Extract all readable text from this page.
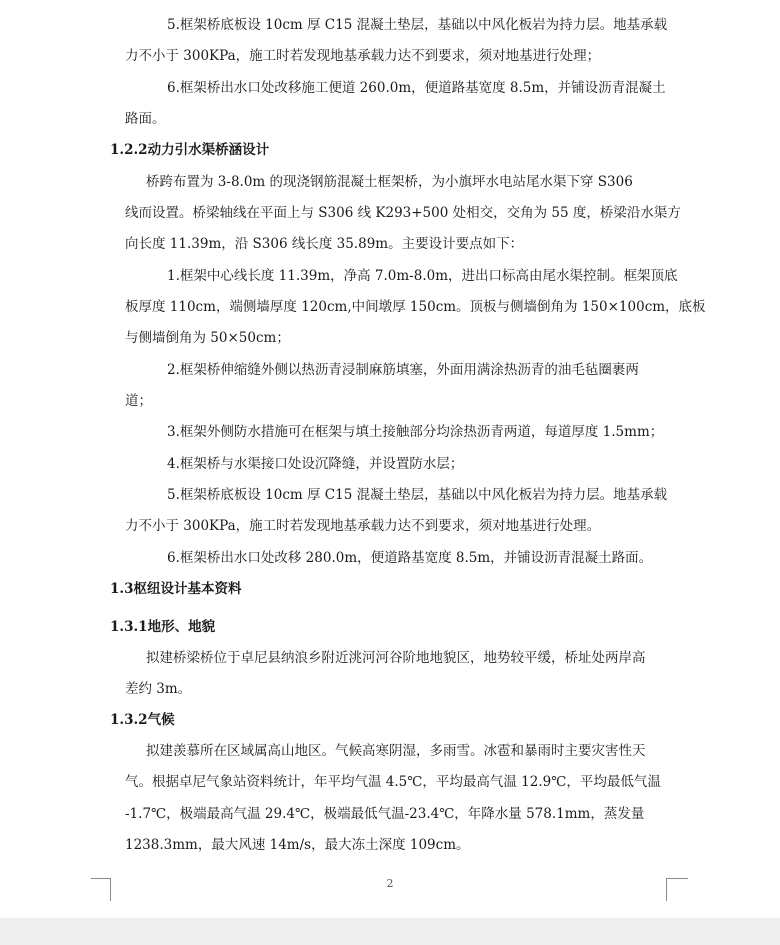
5.框架桥底板设 10cm 厚 C15 混凝土垫层，基础以中风化板岩为持力层。地基承载
力不小于 300KPa，施工时若发现地基承载力达不到要求，须对地基进行处理；
6.框架桥出水口处改移施工便道 260.0m，便道路基宽度 8.5m，并铺设沥青混凝土
路面。
1.2.2动力引水渠桥涵设计
桥跨布置为 3-8.0m 的现浇钢筋混凝土框架桥，为小旗坪水电站尾水渠下穿 S306
线而设置。桥梁轴线在平面上与 S306 线 K293+500 处相交，交角为 55 度，桥梁沿水渠方
向长度 11.39m，沿 S306 线长度 35.89m。主要设计要点如下：
1.框架中心线长度 11.39m，净高 7.0m-8.0m，进出口标高由尾水渠控制。框架顶底
板厚度 110cm，端侧墙厚度 120cm,中间墩厚 150cm。顶板与侧墙倒角为 150×100cm，底板
与侧墙倒角为 50×50cm；
2.框架桥伸缩缝外侧以热沥青浸制麻筋填塞，外面用满涂热沥青的油毛毡圈裹两
道；
3.框架外侧防水措施可在框架与填土接触部分均涂热沥青两道，每道厚度 1.5mm；
4.框架桥与水渠接口处设沉降缝，并设置防水层；
5.框架桥底板设 10cm 厚 C15 混凝土垫层，基础以中风化板岩为持力层。地基承载
力不小于 300KPa，施工时若发现地基承载力达不到要求，须对地基进行处理。
6.框架桥出水口处改移 280.0m，便道路基宽度 8.5m，并铺设沥青混凝土路面。
1.3枢纽设计基本资料
1.3.1地形、地貌
拟建桥梁桥位于卓尼县纳浪乡附近洮河河谷阶地地貌区，地势较平缓，桥址处两岸高
差约 3m。
1.3.2气候
拟建羡慕所在区域属高山地区。气候高寒阴湿，多雨雪。冰雹和暴雨时主要灾害性天
气。根据卓尼气象站资料统计，年平均气温 4.5℃，平均最高气温 12.9℃，平均最低气温
-1.7℃，极端最高气温 29.4℃，极端最低气温-23.4℃，年降水量 578.1mm，蒸发量
1238.3mm，最大风速 14m/s，最大冻土深度 109cm。
2
